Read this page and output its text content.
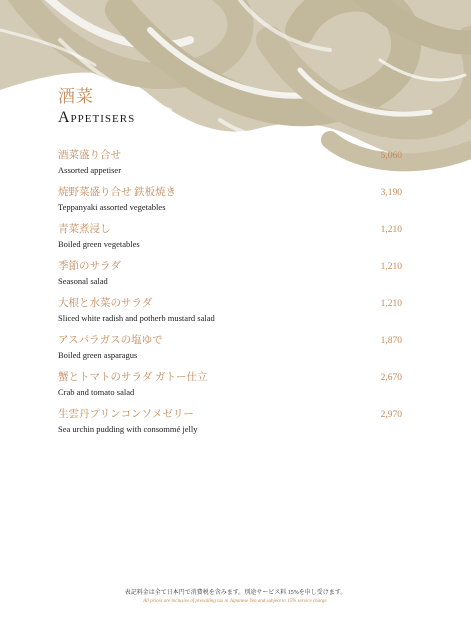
酒菜
Appetisers
酒菜盛り合せ
Assorted appetiser
5,060
焼野菜盛り合せ 鉄板焼き
Teppanyaki assorted vegetables
3,190
青菜煮浸し
Boiled green vegetables
1,210
季節のサラダ
Seasonal salad
1,210
大根と水菜のサラダ
Sliced white radish and potherb mustard salad
1,210
アスパラガスの塩ゆで
Boiled green asparagus
1,870
蟹とトマトのサラダ ガトー仕立
Crab and tomato salad
2,670
生雲丹プリンコンソメゼリー
Sea urchin pudding with consommé jelly
2,970
表記料金は全て日本円で消費税を含みます。別途サービス料 15%を申し受けます。
All prices are inclusive of prevailing tax in Japanese Yen and subject to 15% service charge.
